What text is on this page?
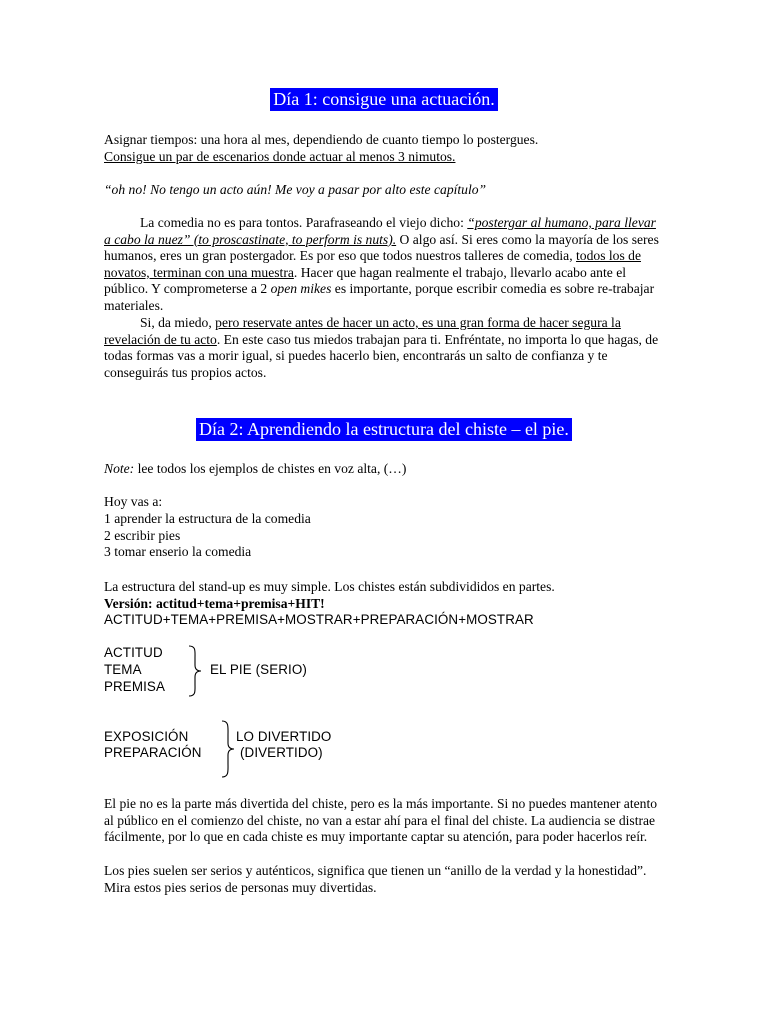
Día 1: consigue una actuación.
Asignar tiempos: una hora al mes, dependiendo de cuanto tiempo lo postergues.
Consigue un par de escenarios donde actuar al menos 3 nimutos.
“oh no! No tengo un acto aún! Me voy a pasar por alto este capítulo”
La comedia no es para tontos. Parafraseando el viejo dicho: “postergar al humano, para llevar a cabo la nuez” (to proscastinate, to perform is nuts). O algo así. Si eres como la mayoría de los seres humanos, eres un gran postergador. Es por eso que todos nuestros talleres de comedia, todos los de novatos, terminan con una muestra. Hacer que hagan realmente el trabajo, llevarlo acabo ante el público. Y comprometerse a 2 open mikes es importante, porque escribir comedia es sobre re-trabajar materiales.
Si, da miedo, pero reservate antes de hacer un acto, es una gran forma de hacer segura la revelación de tu acto. En este caso tus miedos trabajan para ti. Enfréntate, no importa lo que hagas, de todas formas vas a morir igual, si puedes hacerlo bien, encontrarás un salto de confianza y te conseguirás tus propios actos.
Día 2: Aprendiendo la estructura del chiste – el pie.
Note: lee todos los ejemplos de chistes en voz alta, (…)
Hoy vas a:
1 aprender la estructura de la comedia
2 escribir pies
3 tomar enserio la comedia
La estructura del stand-up es muy simple. Los chistes están subdivididos en partes.
Versión: actitud+tema+premisa+HIT!
ACTITUD+TEMA+PREMISA+MOSTRAR+PREPARACIÓN+MOSTRAR
ACTITUD
TEMA
PREMISA
EL PIE (SERIO)
EXPOSICIÓN
PREPARACIÓN
LO DIVERTIDO
(DIVERTIDO)
El pie no es la parte más divertida del chiste, pero es la más importante. Si no puedes mantener atento al público en el comienzo del chiste, no van a estar ahí para el final del chiste. La audiencia se distrae fácilmente, por lo que en cada chiste es muy importante captar su atención, para poder hacerlos reír.
Los pies suelen ser serios y auténticos, significa que tienen un “anillo de la verdad y la honestidad”. Mira estos pies serios de personas muy divertidas.
